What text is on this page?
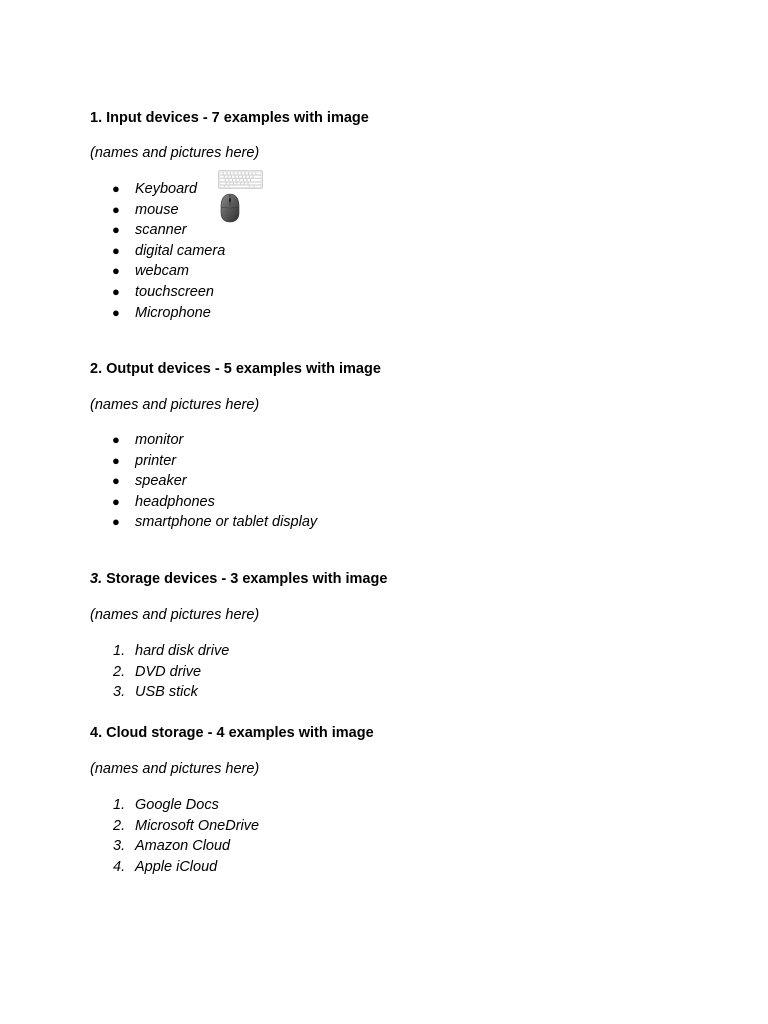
1. Input devices - 7 examples with image

(names and pictures here)

● Keyboard
● mouse
● scanner
● digital camera
● webcam
● touchscreen
● Microphone

2. Output devices - 5 examples with image

(names and pictures here)

● monitor
● printer
● speaker
● headphones
● smartphone or tablet display

3. Storage devices - 3 examples with image

(names and pictures here)

1. hard disk drive
2. DVD drive
3. USB stick

4. Cloud storage - 4 examples with image

(names and pictures here)

1. Google Docs
2. Microsoft OneDrive
3. Amazon Cloud
4. Apple iCloud
